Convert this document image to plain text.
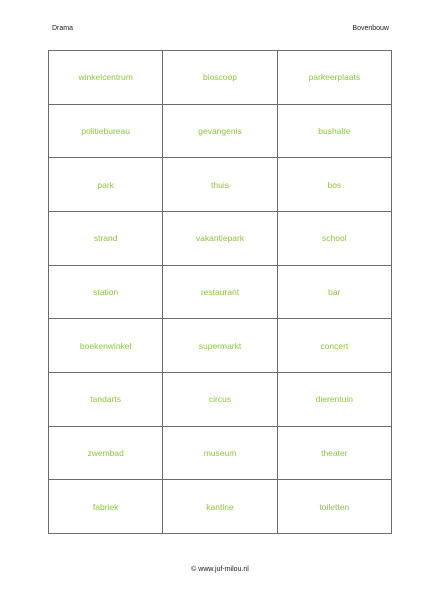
Drama	Bovenbouw
winkelcentrum	bioscoop	parkeerplaats
politiebureau	gevangenis	bushalte
park	thuis	bos
strand	vakantiepark	school
station	restaurant	bar
boekenwinkel	supermarkt	concert
tandarts	circus	dierentuin
zwembad	museum	theater
fabriek	kantine	toiletten
© www.juf-milou.nl
